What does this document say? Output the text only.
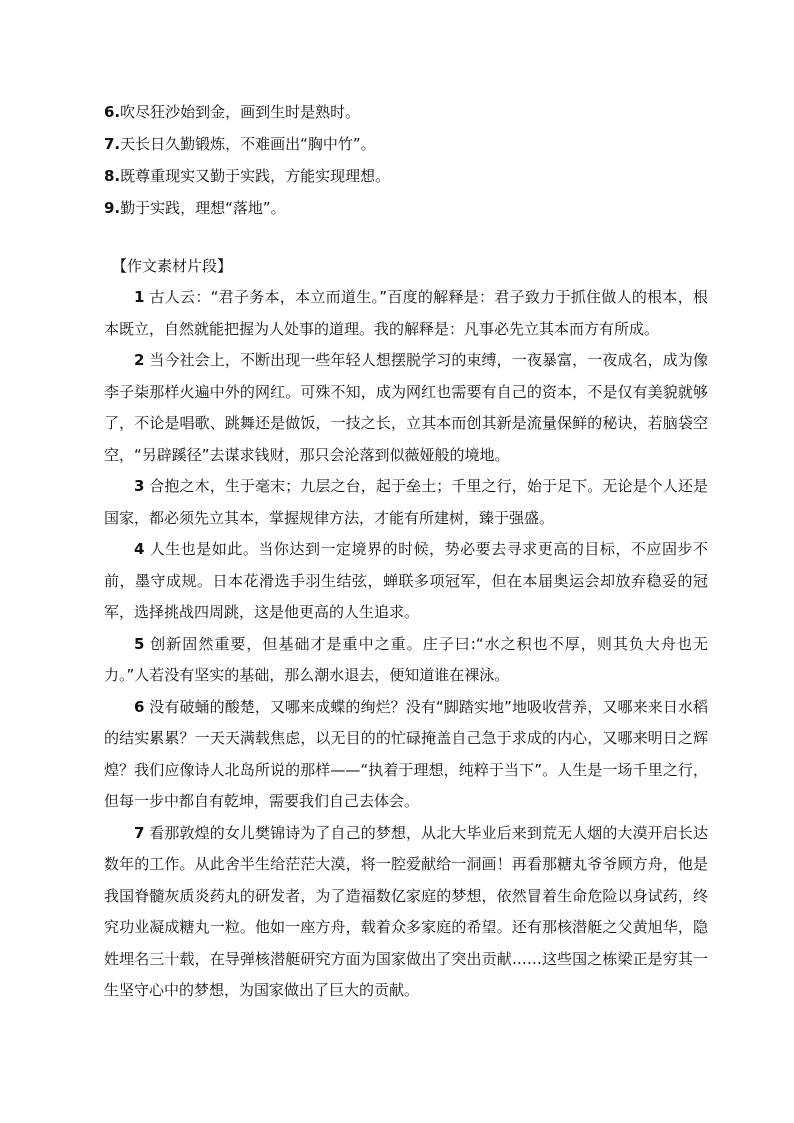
6.吹尽狂沙始到金，画到生时是熟时。
7.天长日久勤锻炼，不难画出“胸中竹”。
8.既尊重现实又勤于实践，方能实现理想。
9.勤于实践，理想“落地”。
【作文素材片段】

1 古人云：“君子务本，本立而道生。”百度的解释是：君子致力于抓住做人的根本，根本既立，自然就能把握为人处事的道理。我的解释是：凡事必先立其本而方有所成。

2 当今社会上，不断出现一些年轻人想摆脱学习的束缚，一夜暴富，一夜成名，成为像李子柒那样火遍中外的网红。可殊不知，成为网红也需要有自己的资本，不是仅有美貌就够了，不论是唱歌、跳舞还是做饭，一技之长，立其本而创其新是流量保鲜的秘诀，若脑袋空空，“另辟蹊径”去谋求钱财，那只会沦落到似薇娅般的境地。

3 合抱之木，生于毫末；九层之台，起于垒土；千里之行，始于足下。无论是个人还是国家，都必须先立其本，掌握规律方法，才能有所建树，臻于强盛。

4 人生也是如此。当你达到一定境界的时候，势必要去寻求更高的目标，不应固步不前，墨守成规。日本花滑选手羽生结弦，蝉联多项冠军，但在本届奥运会却放弃稳妥的冠军，选择挑战四周跳，这是他更高的人生追求。

5 创新固然重要，但基础才是重中之重。庄子曰:“水之积也不厚，则其负大舟也无力。”人若没有坚实的基础，那么潮水退去，便知道谁在裸泳。

6 没有破蛹的酸楚，又哪来成蝶的绚烂？没有“脚踏实地”地吸收营养，又哪来来日水稻的结实累累？一天天满载焦虑，以无目的的忙碌掩盖自己急于求成的内心，又哪来明日之辉煌？我们应像诗人北岛所说的那样——“执着于理想，纯粹于当下”。人生是一场千里之行，但每一步中都自有乾坤，需要我们自己去体会。

7 看那敦煌的女儿樊锦诗为了自己的梦想，从北大毕业后来到荒无人烟的大漠开启长达数年的工作。从此舍半生给茫茫大漠，将一腔爱献给一洞画！再看那糖丸爷爷顾方舟，他是我国脊髓灰质炎药丸的研发者，为了造福数亿家庭的梦想，依然冒着生命危险以身试药，终究功业凝成糖丸一粒。他如一座方舟，载着众多家庭的希望。还有那核潜艇之父黄旭华，隐姓埋名三十载，在导弹核潜艇研究方面为国家做出了突出贡献……这些国之栋梁正是穷其一生坚守心中的梦想，为国家做出了巨大的贡献。
